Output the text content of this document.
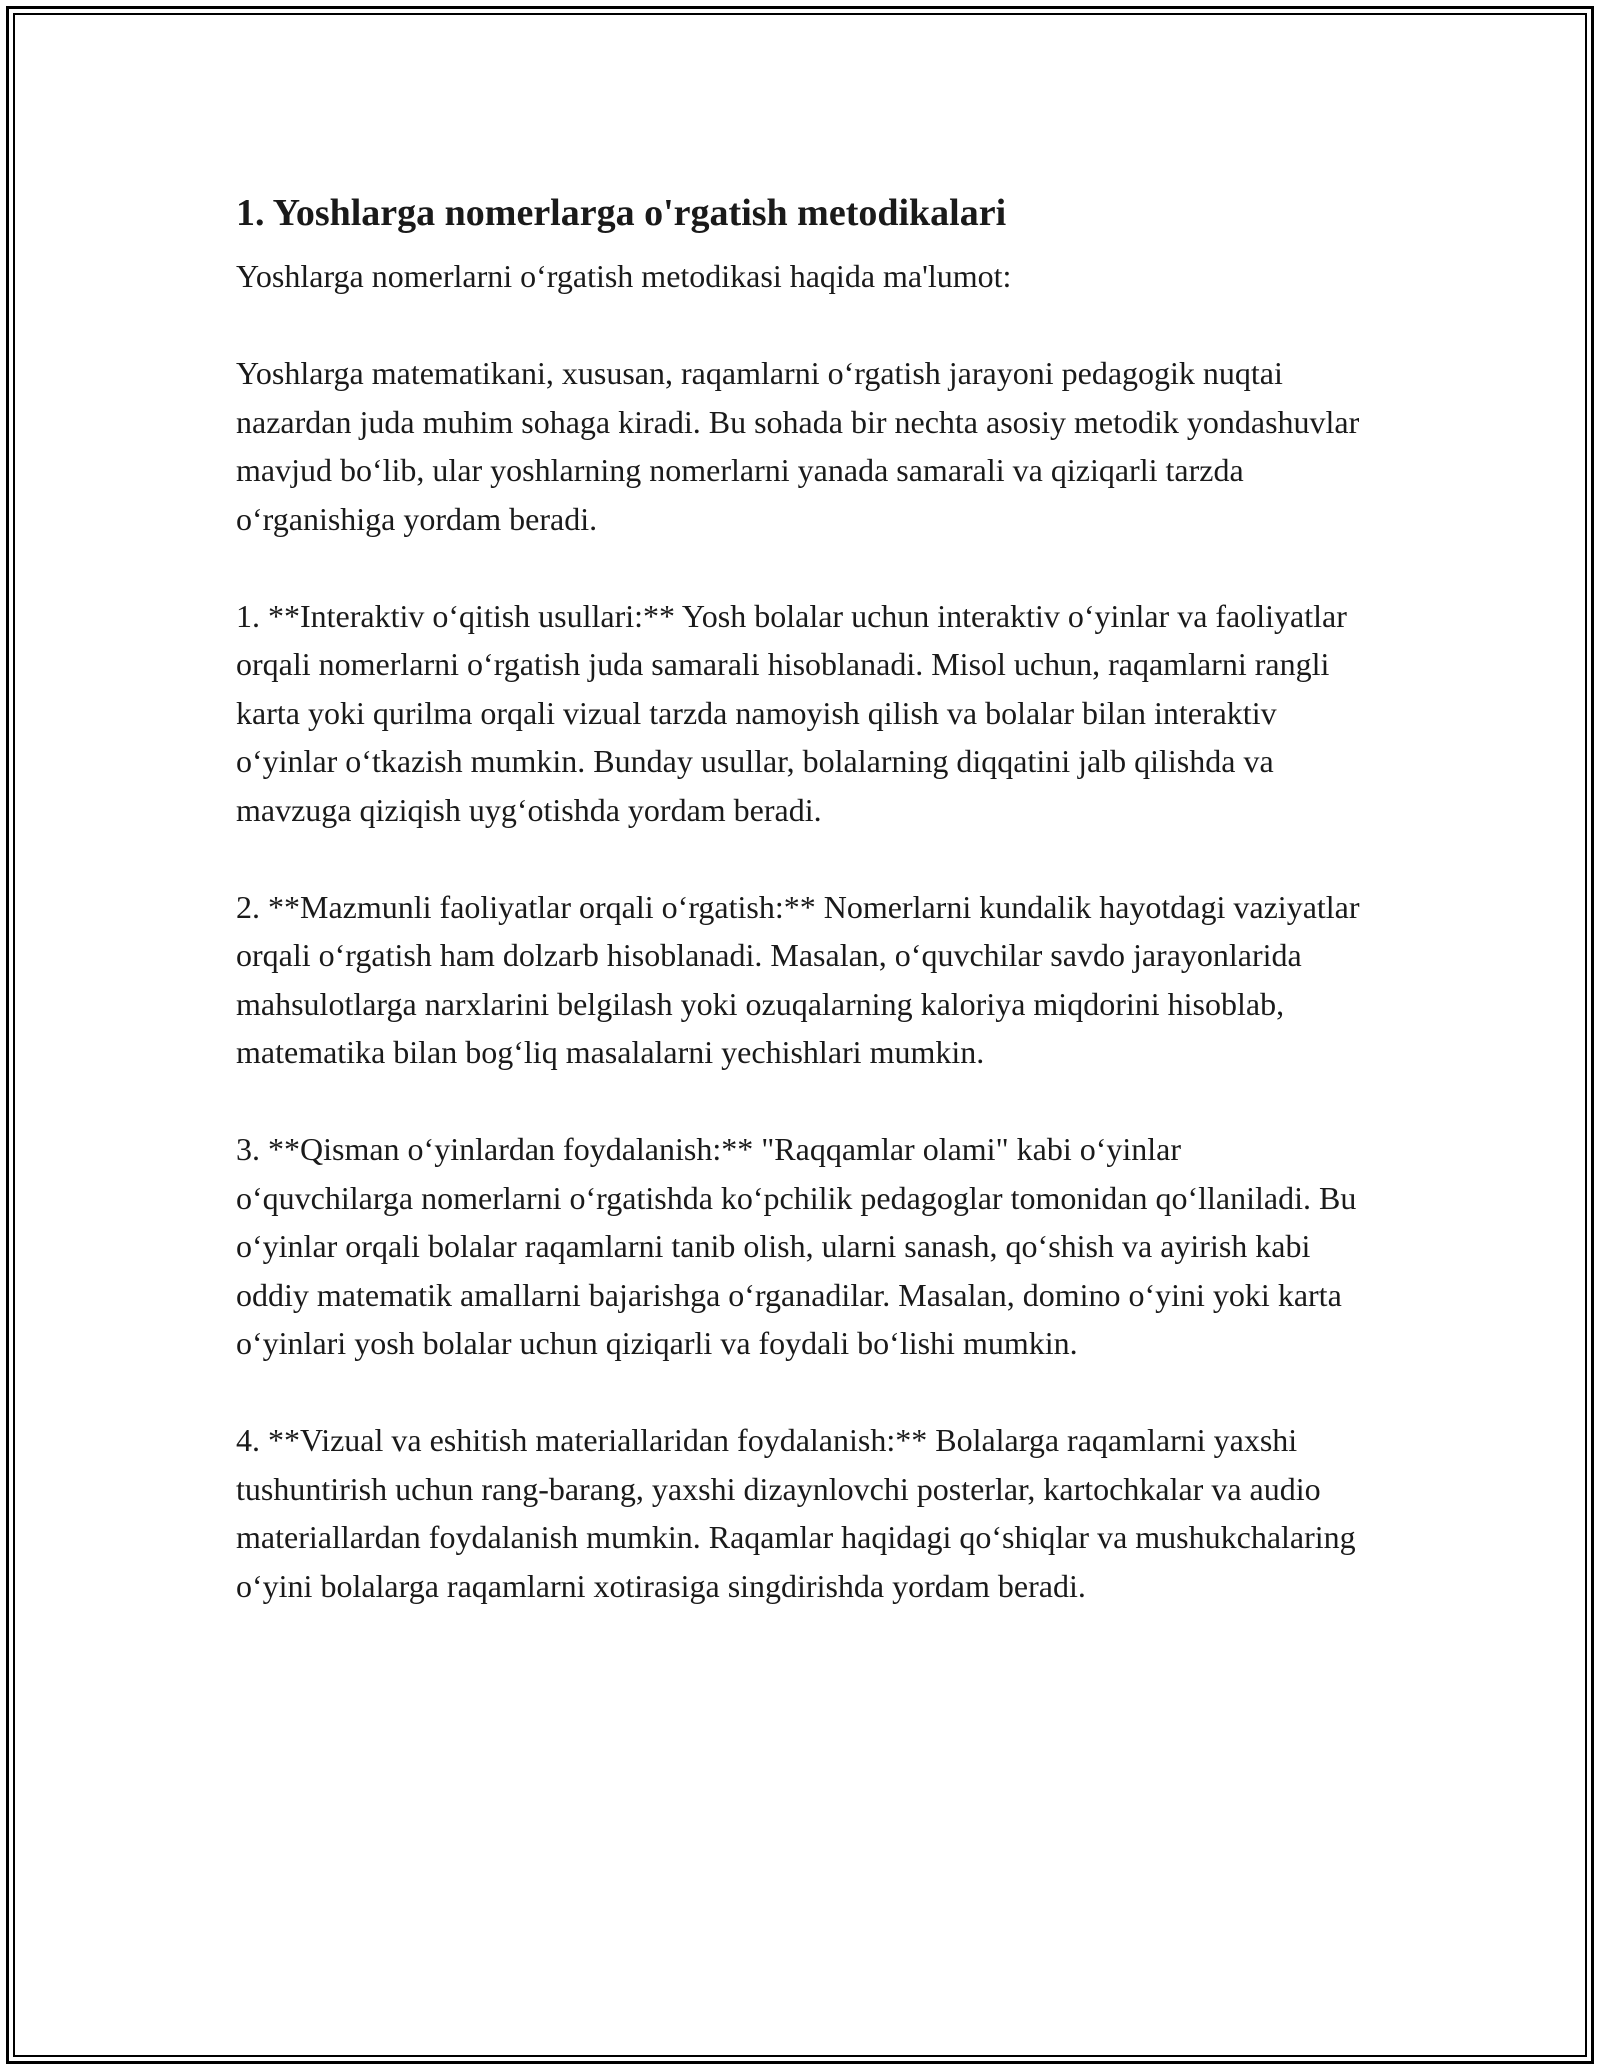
1. Yoshlarga nomerlarga o'rgatish metodikalari

Yoshlarga nomerlarni o‘rgatish metodikasi haqida ma'lumot:

Yoshlarga matematikani, xususan, raqamlarni o‘rgatish jarayoni pedagogik nuqtai nazardan juda muhim sohaga kiradi. Bu sohada bir nechta asosiy metodik yondashuvlar mavjud bo‘lib, ular yoshlarning nomerlarni yanada samarali va qiziqarli tarzda o‘rganishiga yordam beradi.

1. **Interaktiv o‘qitish usullari:** Yosh bolalar uchun interaktiv o‘yinlar va faoliyatlar orqali nomerlarni o‘rgatish juda samarali hisoblanadi. Misol uchun, raqamlarni rangli karta yoki qurilma orqali vizual tarzda namoyish qilish va bolalar bilan interaktiv o‘yinlar o‘tkazish mumkin. Bunday usullar, bolalarning diqqatini jalb qilishda va mavzuga qiziqish uyg‘otishda yordam beradi.

2. **Mazmunli faoliyatlar orqali o‘rgatish:** Nomerlarni kundalik hayotdagi vaziyatlar orqali o‘rgatish ham dolzarb hisoblanadi. Masalan, o‘quvchilar savdo jarayonlarida mahsulotlarga narxlarini belgilash yoki ozuqalarning kaloriya miqdorini hisoblab, matematika bilan bog‘liq masalalarni yechishlari mumkin.

3. **Qisman o‘yinlardan foydalanish:** "Raqqamlar olami" kabi o‘yinlar o‘quvchilarga nomerlarni o‘rgatishda ko‘pchilik pedagoglar tomonidan qo‘llaniladi. Bu o‘yinlar orqali bolalar raqamlarni tanib olish, ularni sanash, qo‘shish va ayirish kabi oddiy matematik amallarni bajarishga o‘rganadilar. Masalan, domino o‘yini yoki karta o‘yinlari yosh bolalar uchun qiziqarli va foydali bo‘lishi mumkin.

4. **Vizual va eshitish materiallaridan foydalanish:** Bolalarga raqamlarni yaxshi tushuntirish uchun rang-barang, yaxshi dizaynlovchi posterlar, kartochkalar va audio materiallardan foydalanish mumkin. Raqamlar haqidagi qo‘shiqlar va mushukchalaring o‘yini bolalarga raqamlarni xotirasiga singdirishda yordam beradi.
